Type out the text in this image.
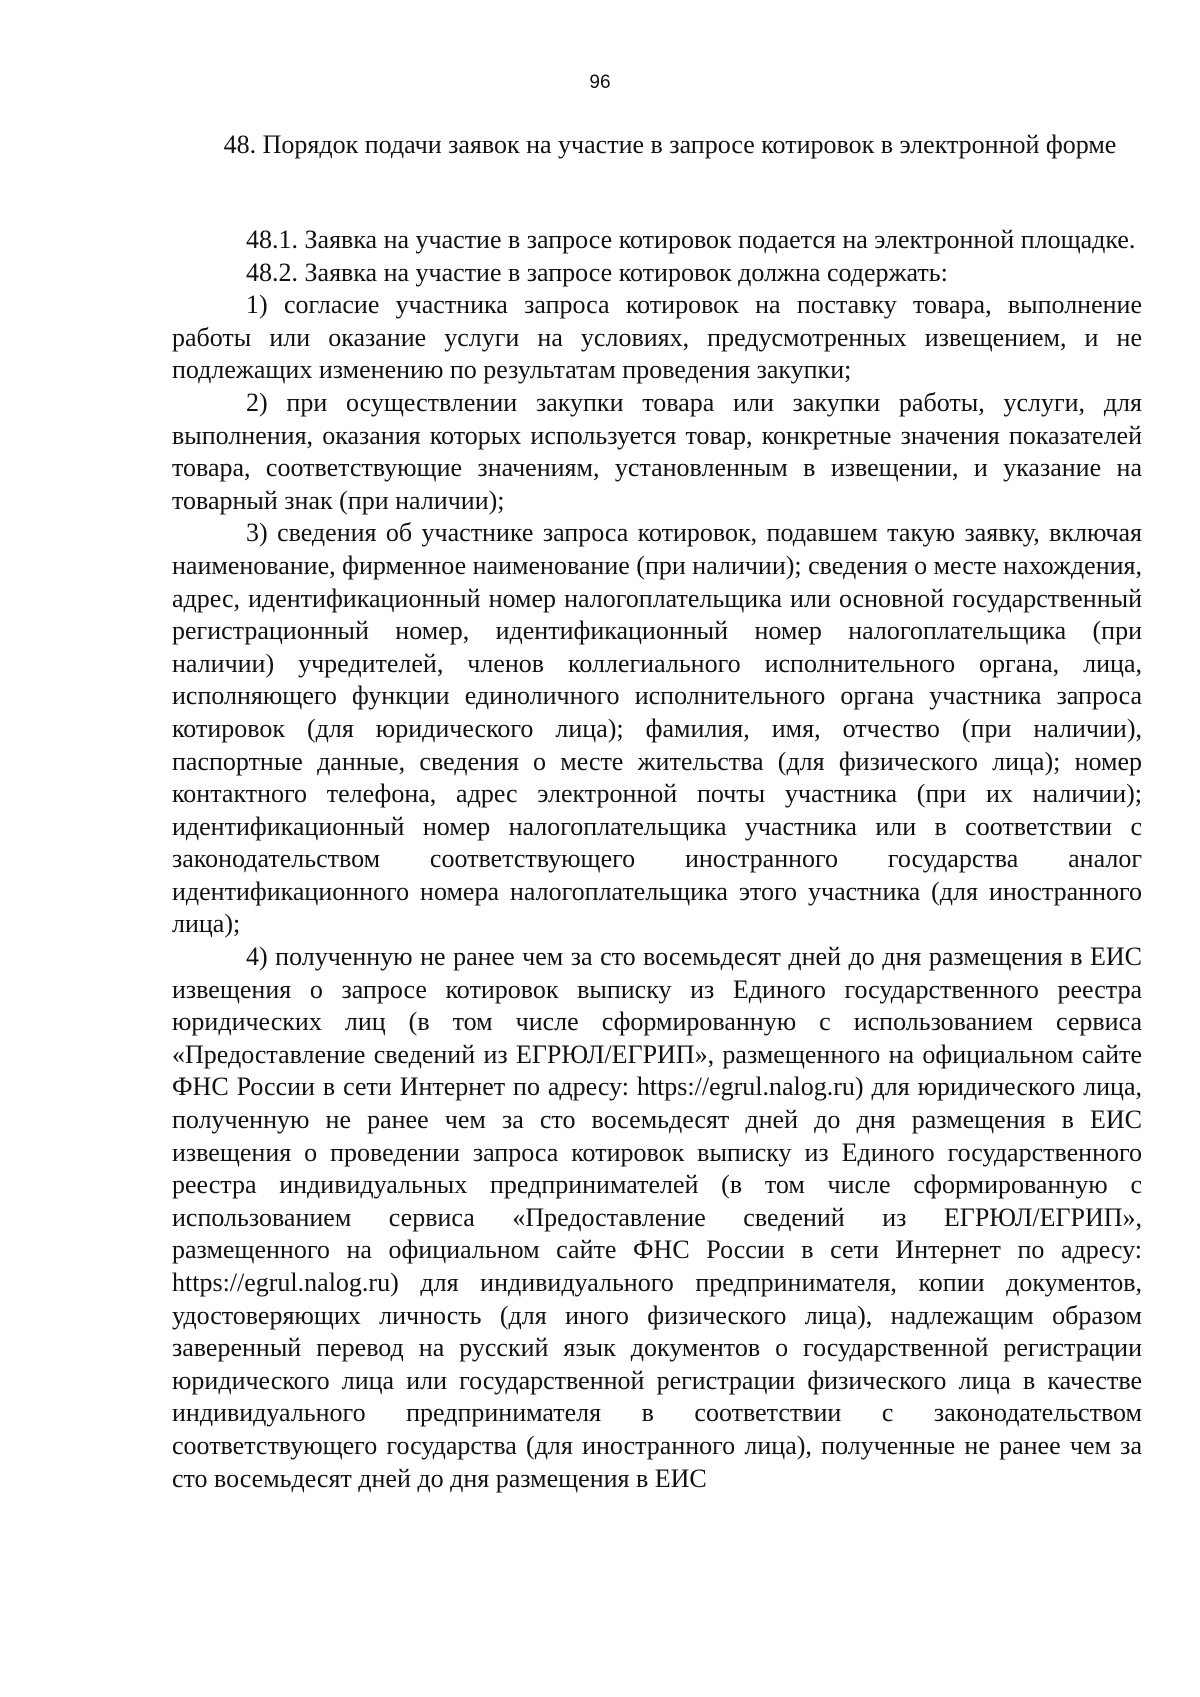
96
48. Порядок подачи заявок на участие в запросе котировок в электронной форме

48.1. Заявка на участие в запросе котировок подается на электронной площадке.

48.2. Заявка на участие в запросе котировок должна содержать:

1) согласие участника запроса котировок на поставку товара, выполнение работы или оказание услуги на условиях, предусмотренных извещением, и не подлежащих изменению по результатам проведения закупки;

2) при осуществлении закупки товара или закупки работы, услуги, для выполнения, оказания которых используется товар, конкретные значения показателей товара, соответствующие значениям, установленным в извещении, и указание на товарный знак (при наличии);

3) сведения об участнике запроса котировок, подавшем такую заявку, включая наименование, фирменное наименование (при наличии); сведения о месте нахождения, адрес, идентификационный номер налогоплательщика или основной государственный регистрационный номер, идентификационный номер налогоплательщика (при наличии) учредителей, членов коллегиального исполнительного органа, лица, исполняющего функции единоличного исполнительного органа участника запроса котировок (для юридического лица); фамилия, имя, отчество (при наличии), паспортные данные, сведения о месте жительства (для физического лица); номер контактного телефона, адрес электронной почты участника (при их наличии); идентификационный номер налогоплательщика участника или в соответствии с законодательством соответствующего иностранного государства аналог идентификационного номера налогоплательщика этого участника (для иностранного лица);

4) полученную не ранее чем за сто восемьдесят дней до дня размещения в ЕИС извещения о запросе котировок выписку из Единого государственного реестра юридических лиц (в том числе сформированную с использованием сервиса «Предоставление сведений из ЕГРЮЛ/ЕГРИП», размещенного на официальном сайте ФНС России в сети Интернет по адресу: https://egrul.nalog.ru) для юридического лица, полученную не ранее чем за сто восемьдесят дней до дня размещения в ЕИС извещения о проведении запроса котировок выписку из Единого государственного реестра индивидуальных предпринимателей (в том числе сформированную с использованием сервиса «Предоставление сведений из ЕГРЮЛ/ЕГРИП», размещенного на официальном сайте ФНС России в сети Интернет по адресу: https://egrul.nalog.ru) для индивидуального предпринимателя, копии документов, удостоверяющих личность (для иного физического лица), надлежащим образом заверенный перевод на русский язык документов о государственной регистрации юридического лица или государственной регистрации физического лица в качестве индивидуального предпринимателя в соответствии с законодательством соответствующего государства (для иностранного лица), полученные не ранее чем за сто восемьдесят дней до дня размещения в ЕИС
